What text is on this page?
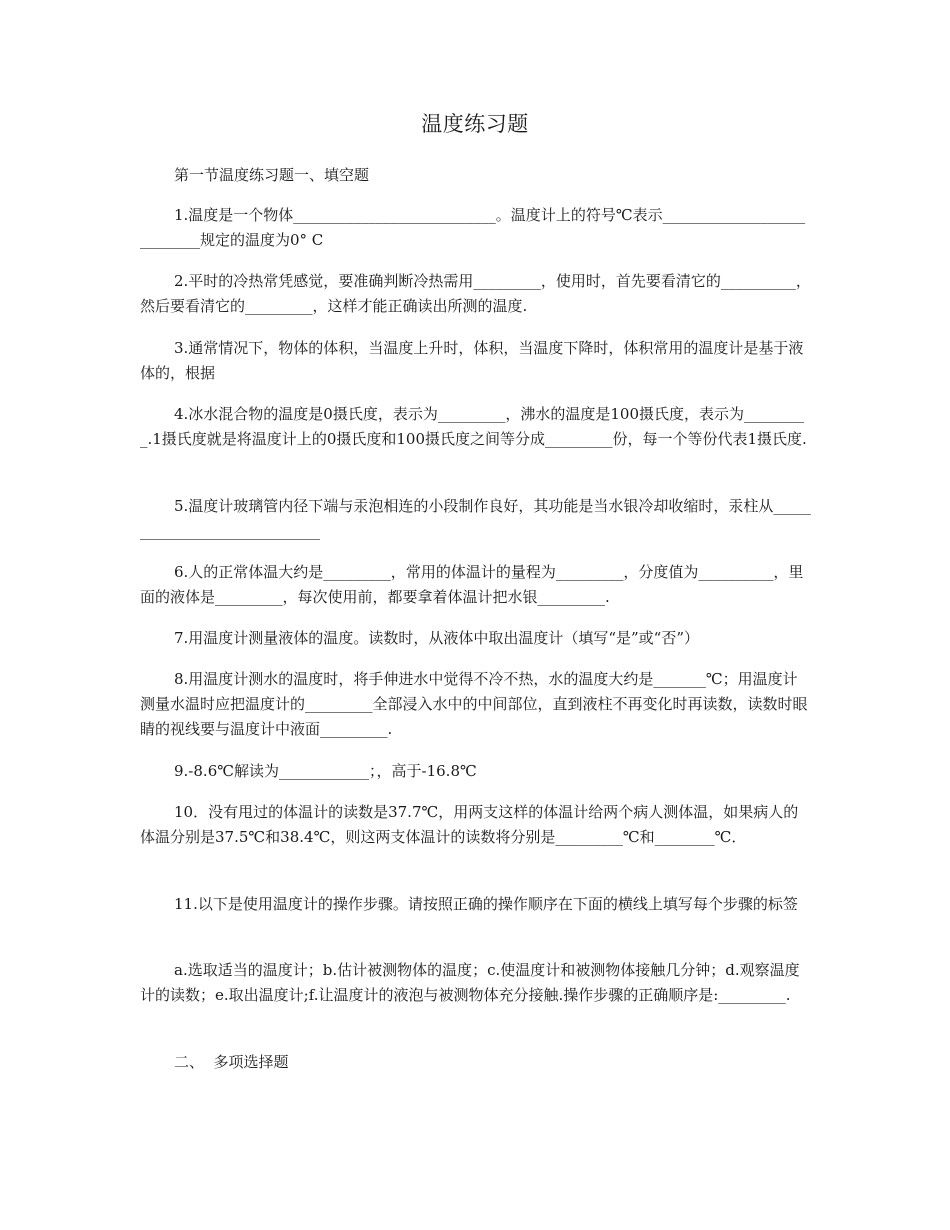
温度练习题

第一节温度练习题一、填空题

1.温度是一个物体___________________________。温度计上的符号℃表示___________________________规定的温度为0° C

2.平时的冷热常凭感觉，要准确判断冷热需用_________，使用时，首先要看清它的__________，然后要看清它的_________，这样才能正确读出所测的温度.

3.通常情况下，物体的体积，当温度上升时，体积，当温度下降时，体积常用的温度计是基于液体的，根据

4.冰水混合物的温度是0摄氏度，表示为_________，沸水的温度是100摄氏度，表示为_________.1摄氏度就是将温度计上的0摄氏度和100摄氏度之间等分成_________份，每一个等份代表1摄氏度.

5.温度计玻璃管内径下端与汞泡相连的小段制作良好，其功能是当水银冷却收缩时，汞柱从_____________________________

6.人的正常体温大约是_________，常用的体温计的量程为_________，分度值为__________，里面的液体是_________，每次使用前，都要拿着体温计把水银_________.

7.用温度计测量液体的温度。读数时，从液体中取出温度计（填写“是”或“否”）

8.用温度计测水的温度时，将手伸进水中觉得不冷不热，水的温度大约是_______℃；用温度计测量水温时应把温度计的_________全部浸入水中的中间部位，直到液柱不再变化时再读数，读数时眼睛的视线要与温度计中液面_________.

9.-8.6℃解读为____________；，高于-16.8℃

10．没有甩过的体温计的读数是37.7℃，用两支这样的体温计给两个病人测体温，如果病人的体温分别是37.5℃和38.4℃，则这两支体温计的读数将分别是_________℃和________℃．

11.以下是使用温度计的操作步骤。请按照正确的操作顺序在下面的横线上填写每个步骤的标签

a.选取适当的温度计；b.估计被测物体的温度；c.使温度计和被测物体接触几分钟；d.观察温度计的读数；e.取出温度计;f.让温度计的液泡与被测物体充分接触.操作步骤的正确顺序是:_________.

二、  多项选择题
